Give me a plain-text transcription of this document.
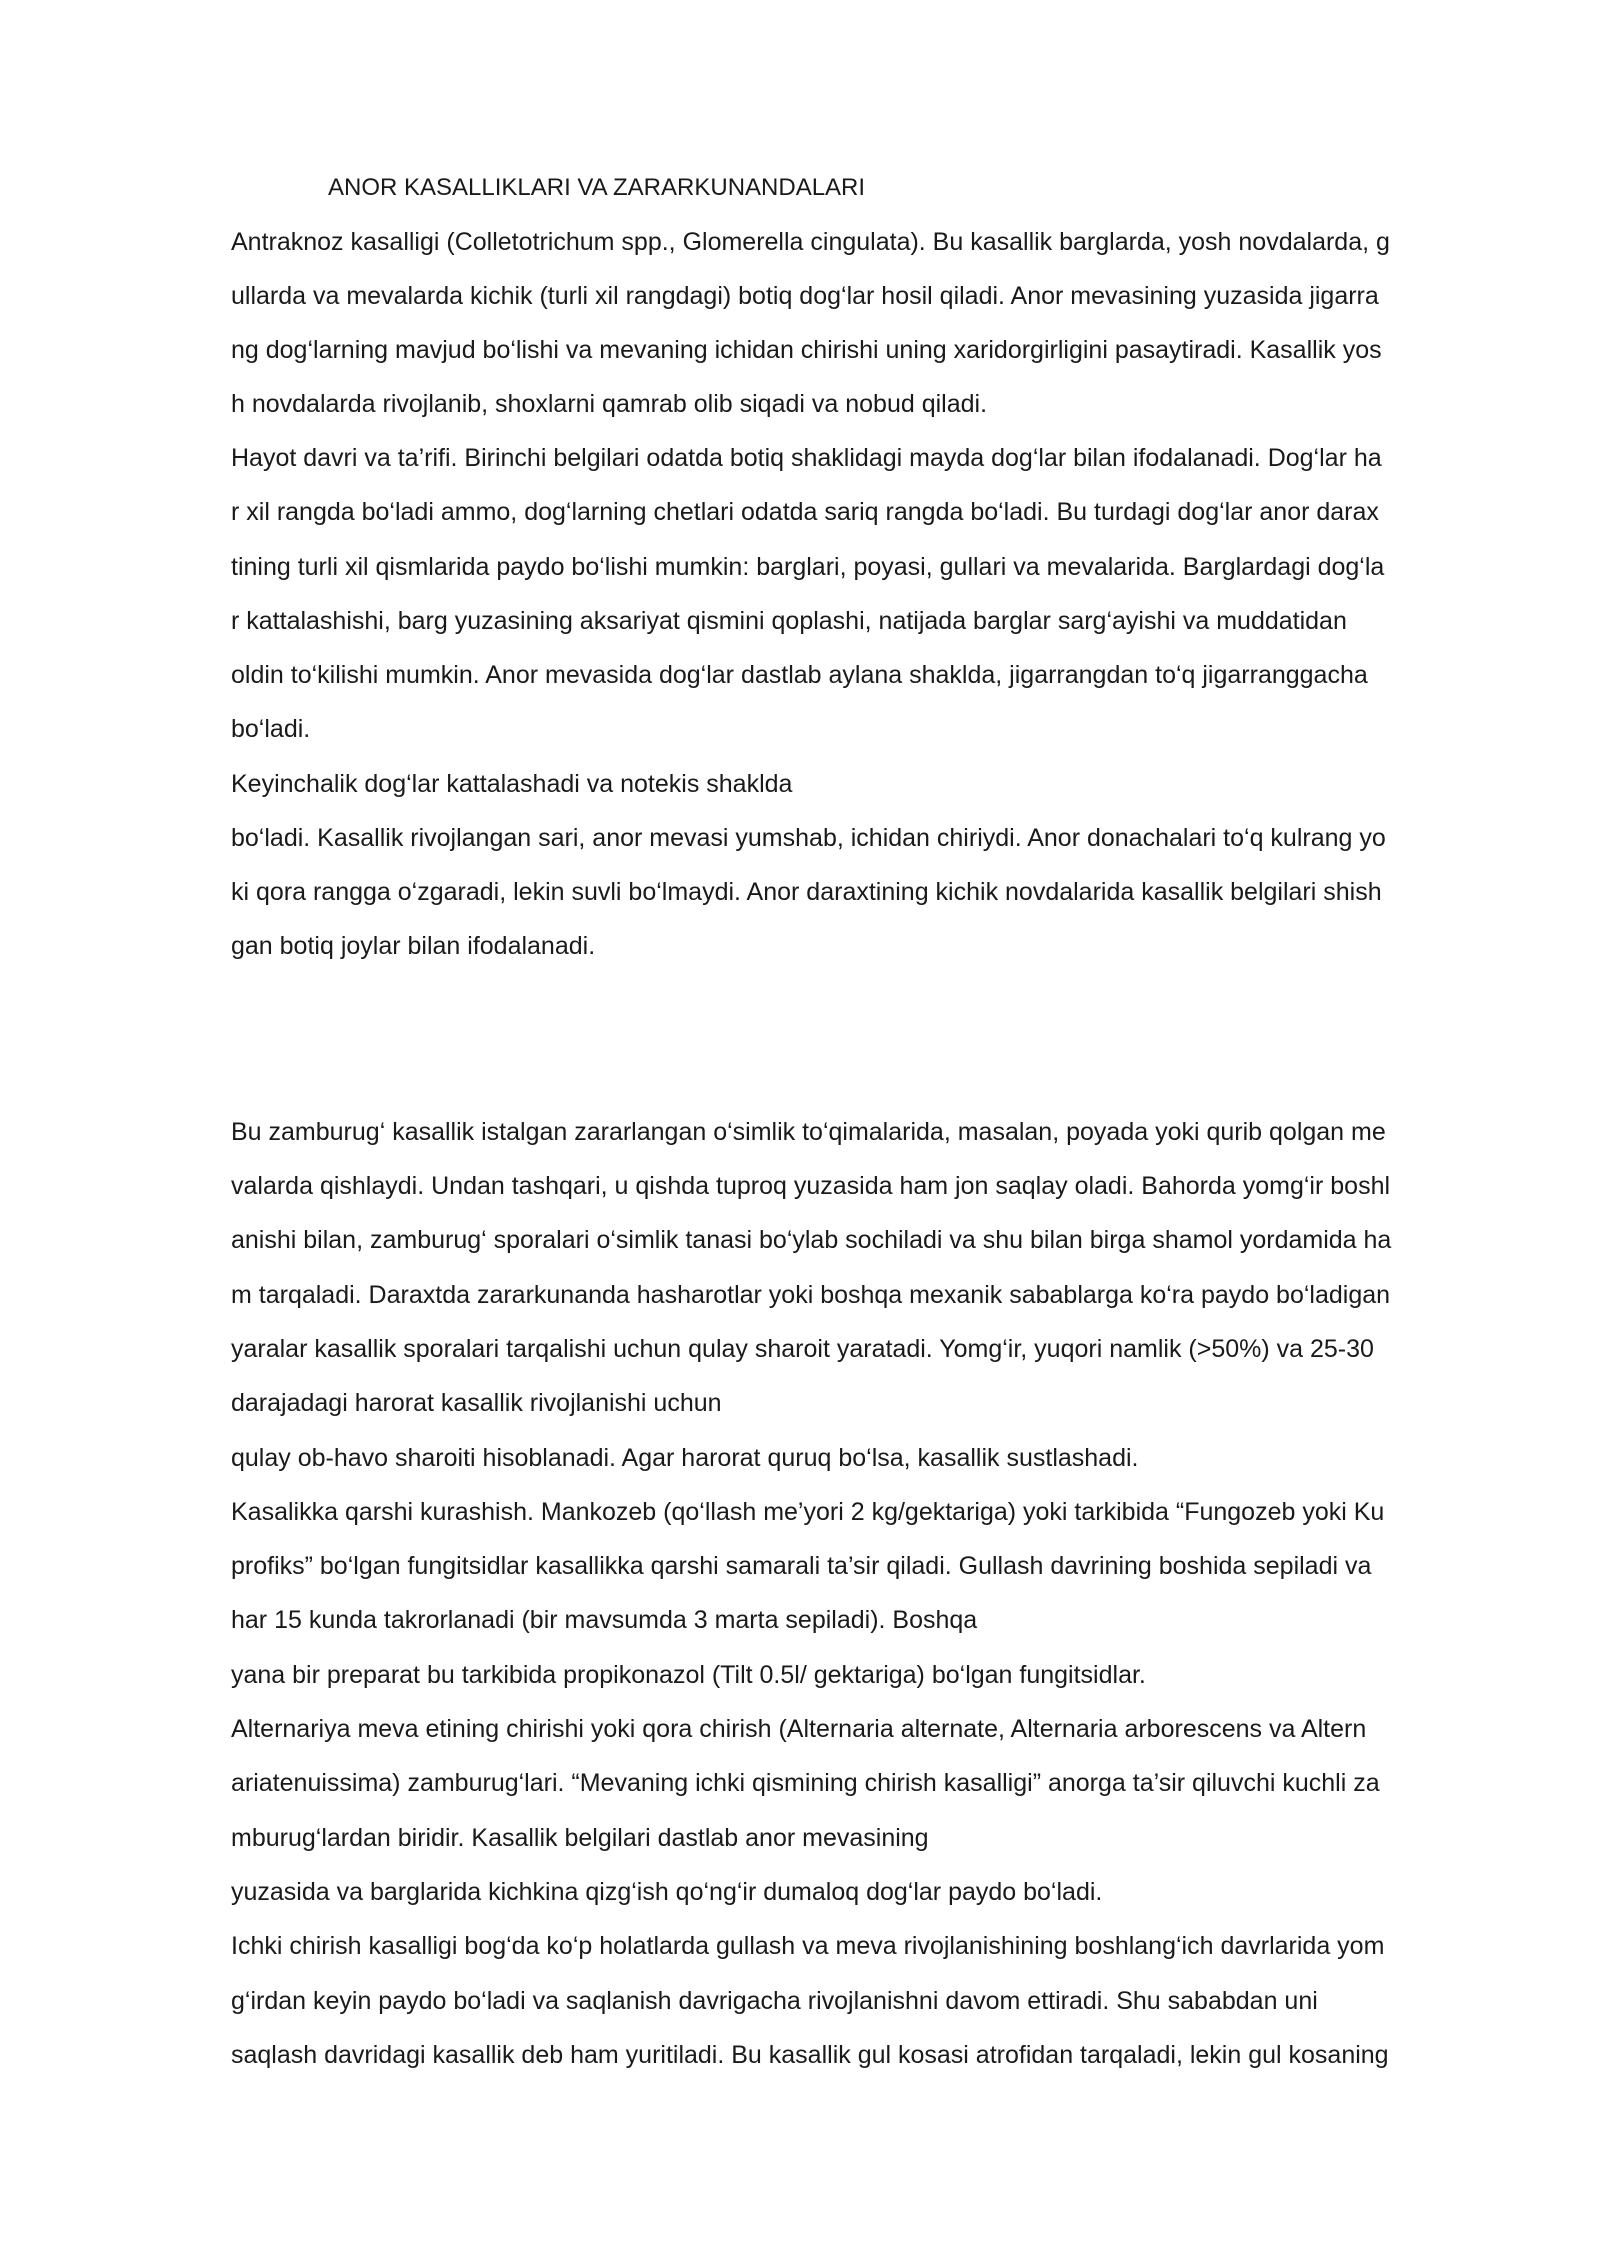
ANOR KASALLIKLARI VA ZARARKUNANDALARI
Antraknoz kasalligi (Colletotrichum spp., Glomerella cingulata). Bu kasallik barglarda, yosh novdalarda, g
ullarda va mevalarda kichik (turli xil rangdagi) botiq dog‘lar hosil qiladi. Anor mevasining yuzasida jigarra
ng dog‘larning mavjud bo‘lishi va mevaning ichidan chirishi uning xaridorgirligini pasaytiradi. Kasallik yos
h novdalarda rivojlanib, shoxlarni qamrab olib siqadi va nobud qiladi.
Hayot davri va ta’rifi. Birinchi belgilari odatda botiq shaklidagi mayda dog‘lar bilan ifodalanadi. Dog‘lar ha
r xil rangda bo‘ladi ammo, dog‘larning chetlari odatda sariq rangda bo‘ladi. Bu turdagi dog‘lar anor darax
tining turli xil qismlarida paydo bo‘lishi mumkin: barglari, poyasi, gullari va mevalarida. Barglardagi dog‘la
r kattalashishi, barg yuzasining aksariyat qismini qoplashi, natijada barglar sarg‘ayishi va muddatidan
oldin to‘kilishi mumkin. Anor mevasida dog‘lar dastlab aylana shaklda, jigarrangdan to‘q jigarranggacha
bo‘ladi.
Keyinchalik dog‘lar kattalashadi va notekis shaklda
bo‘ladi. Kasallik rivojlangan sari, anor mevasi yumshab, ichidan chiriydi. Anor donachalari to‘q kulrang yo
ki qora rangga o‘zgaradi, lekin suvli bo‘lmaydi. Anor daraxtining kichik novdalarida kasallik belgilari shish
gan botiq joylar bilan ifodalanadi.
Bu zamburug‘ kasallik istalgan zararlangan o‘simlik to‘qimalarida, masalan, poyada yoki qurib qolgan me
valarda qishlaydi. Undan tashqari, u qishda tuproq yuzasida ham jon saqlay oladi. Bahorda yomg‘ir boshl
anishi bilan, zamburug‘ sporalari o‘simlik tanasi bo‘ylab sochiladi va shu bilan birga shamol yordamida ha
m tarqaladi. Daraxtda zararkunanda hasharotlar yoki boshqa mexanik sabablarga ko‘ra paydo bo‘ladigan
yaralar kasallik sporalari tarqalishi uchun qulay sharoit yaratadi. Yomg‘ir, yuqori namlik (>50%) va 25-30
darajadagi harorat kasallik rivojlanishi uchun
qulay ob-havo sharoiti hisoblanadi. Agar harorat quruq bo‘lsa, kasallik sustlashadi.
Kasalikka qarshi kurashish. Mankozeb (qo‘llash me’yori 2 kg/gektariga) yoki tarkibida “Fungozeb yoki Ku
profiks” bo‘lgan fungitsidlar kasallikka qarshi samarali ta’sir qiladi. Gullash davrining boshida sepiladi va
har 15 kunda takrorlanadi (bir mavsumda 3 marta sepiladi). Boshqa
yana bir preparat bu tarkibida propikonazol (Tilt 0.5l/ gektariga) bo‘lgan fungitsidlar.
Alternariya meva etining chirishi yoki qora chirish (Alternaria alternate, Alternaria arborescens va Altern
ariatenuissima) zamburug‘lari. “Mevaning ichki qismining chirish kasalligi” anorga ta’sir qiluvchi kuchli za
mburug‘lardan biridir. Kasallik belgilari dastlab anor mevasining
yuzasida va barglarida kichkina qizg‘ish qo‘ng‘ir dumaloq dog‘lar paydo bo‘ladi.
Ichki chirish kasalligi bog‘da ko‘p holatlarda gullash va meva rivojlanishining boshlang‘ich davrlarida yom
g‘irdan keyin paydo bo‘ladi va saqlanish davrigacha rivojlanishni davom ettiradi. Shu sababdan uni
saqlash davridagi kasallik deb ham yuritiladi. Bu kasallik gul kosasi atrofidan tarqaladi, lekin gul kosaning
